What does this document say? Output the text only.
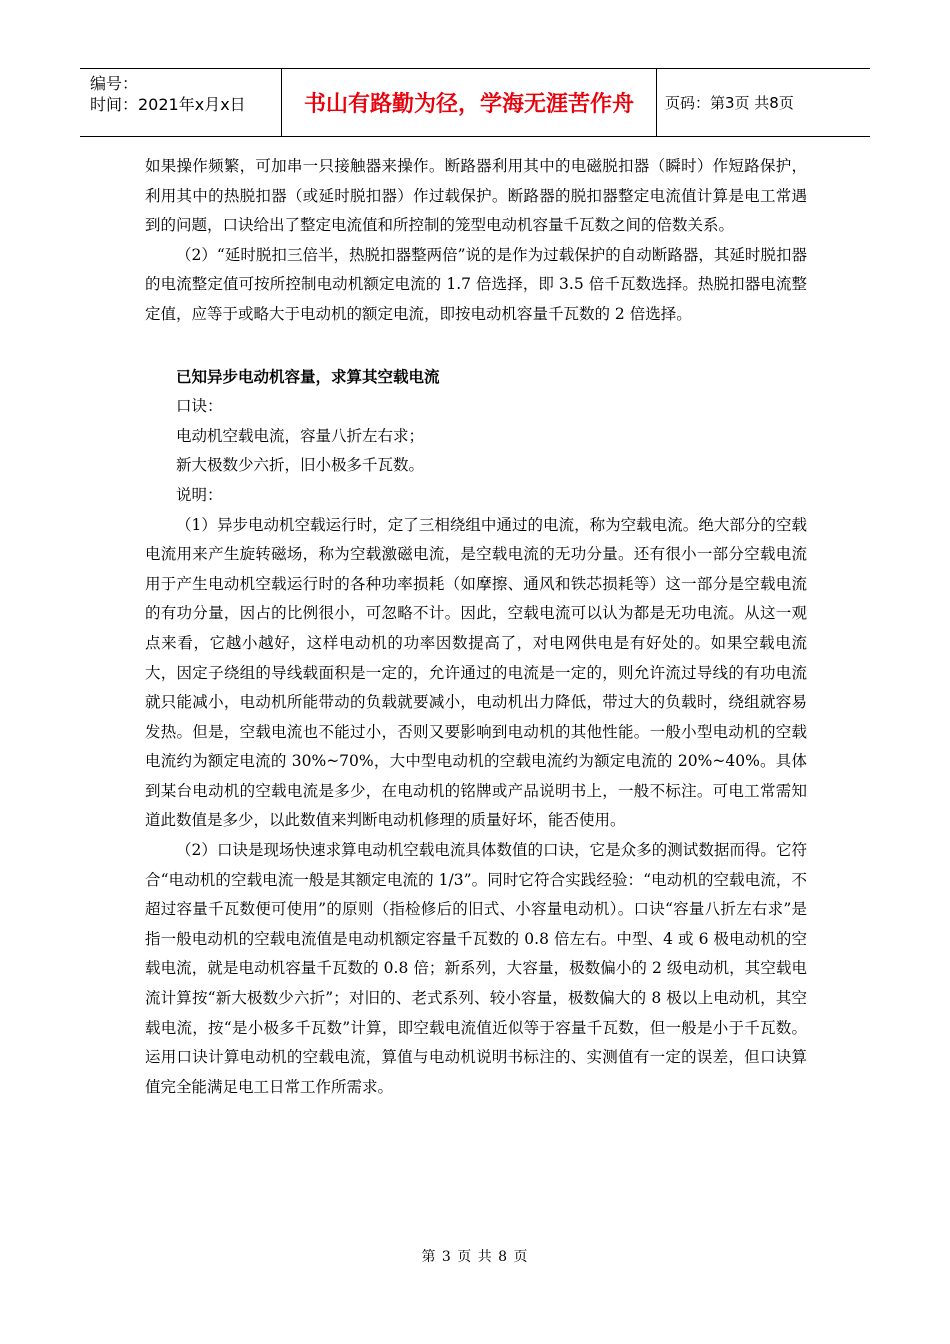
编号：
时间：2021年x月x日	书山有路勤为径，学海无涯苦作舟	页码：第3页 共8页

如果操作频繁，可加串一只接触器来操作。断路器利用其中的电磁脱扣器（瞬时）作短路保护，利用其中的热脱扣器（或延时脱扣器）作过载保护。断路器的脱扣器整定电流值计算是电工常遇到的问题，口诀给出了整定电流值和所控制的笼型电动机容量千瓦数之间的倍数关系。

（2）“延时脱扣三倍半，热脱扣器整两倍”说的是作为过载保护的自动断路器，其延时脱扣器的电流整定值可按所控制电动机额定电流的 1.7 倍选择，即 3.5 倍千瓦数选择。热脱扣器电流整定值，应等于或略大于电动机的额定电流，即按电动机容量千瓦数的 2 倍选择。

已知异步电动机容量，求算其空载电流

口诀：

电动机空载电流，容量八折左右求；

新大极数少六折，旧小极多千瓦数。

说明：

（1）异步电动机空载运行时，定了三相绕组中通过的电流，称为空载电流。绝大部分的空载电流用来产生旋转磁场，称为空载激磁电流，是空载电流的无功分量。还有很小一部分空载电流用于产生电动机空载运行时的各种功率损耗（如摩擦、通风和铁芯损耗等）这一部分是空载电流的有功分量，因占的比例很小，可忽略不计。因此，空载电流可以认为都是无功电流。从这一观点来看，它越小越好，这样电动机的功率因数提高了，对电网供电是有好处的。如果空载电流大，因定子绕组的导线载面积是一定的，允许通过的电流是一定的，则允许流过导线的有功电流就只能减小，电动机所能带动的负载就要减小，电动机出力降低，带过大的负载时，绕组就容易发热。但是，空载电流也不能过小，否则又要影响到电动机的其他性能。一般小型电动机的空载电流约为额定电流的 30%~70%，大中型电动机的空载电流约为额定电流的 20%~40%。具体到某台电动机的空载电流是多少，在电动机的铭牌或产品说明书上，一般不标注。可电工常需知道此数值是多少，以此数值来判断电动机修理的质量好坏，能否使用。

（2）口诀是现场快速求算电动机空载电流具体数值的口诀，它是众多的测试数据而得。它符合“电动机的空载电流一般是其额定电流的 1/3”。同时它符合实践经验：“电动机的空载电流，不超过容量千瓦数便可使用”的原则（指检修后的旧式、小容量电动机）。口诀“容量八折左右求”是指一般电动机的空载电流值是电动机额定容量千瓦数的 0.8 倍左右。中型、4 或 6 极电动机的空载电流，就是电动机容量千瓦数的 0.8 倍；新系列，大容量，极数偏小的 2 级电动机，其空载电流计算按“新大极数少六折”；对旧的、老式系列、较小容量，极数偏大的 8 极以上电动机，其空载电流，按“是小极多千瓦数”计算，即空载电流值近似等于容量千瓦数，但一般是小于千瓦数。运用口诀计算电动机的空载电流，算值与电动机说明书标注的、实测值有一定的误差，但口诀算值完全能满足电工日常工作所需求。

第 3 页 共 8 页
